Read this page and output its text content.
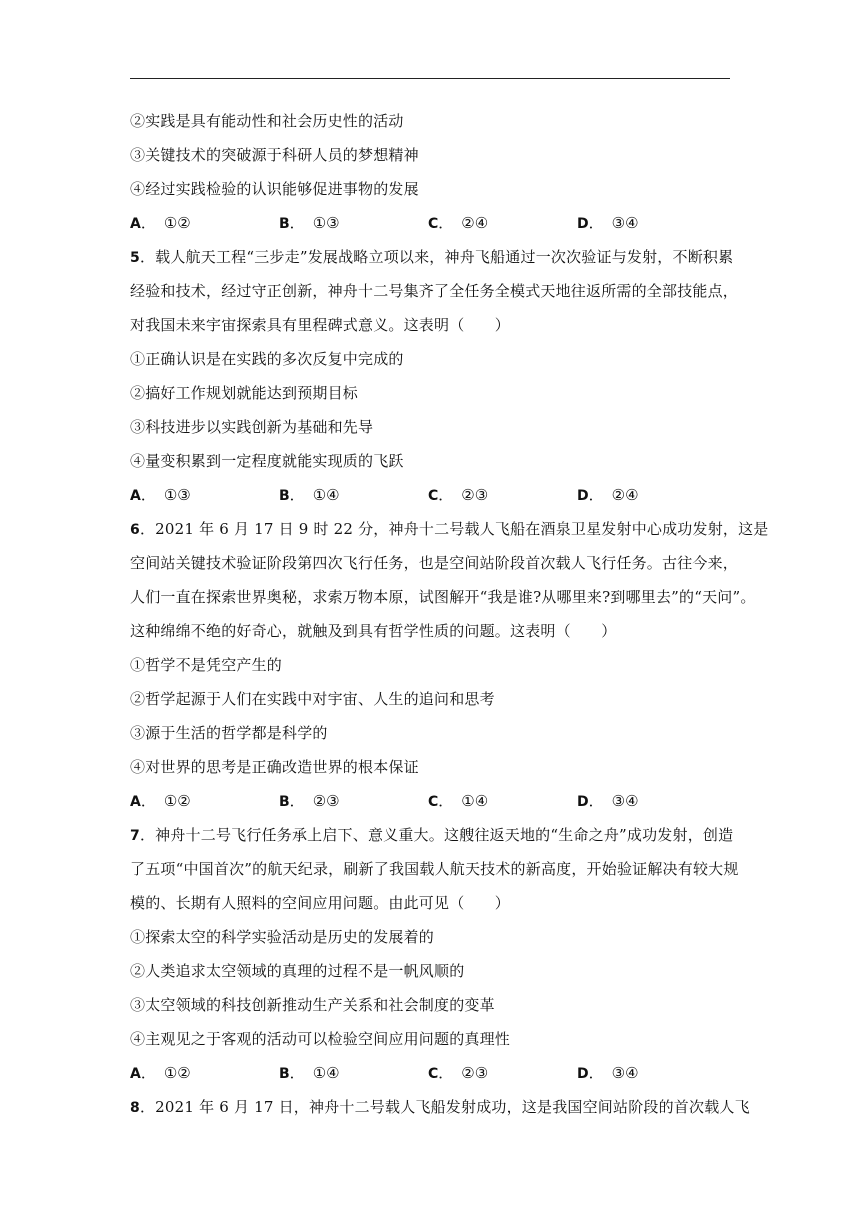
②实践是具有能动性和社会历史性的活动
③关键技术的突破源于科研人员的梦想精神
④经过实践检验的认识能够促进事物的发展
A． ①②	B． ①③	C． ②④	D． ③④
5．载人航天工程“三步走”发展战略立项以来，神舟飞船通过一次次验证与发射，不断积累
经验和技术，经过守正创新，神舟十二号集齐了全任务全模式天地往返所需的全部技能点，
对我国未来宇宙探索具有里程碑式意义。这表明（　　）
①正确认识是在实践的多次反复中完成的
②搞好工作规划就能达到预期目标
③科技进步以实践创新为基础和先导
④量变积累到一定程度就能实现质的飞跃
A． ①③	B． ①④	C． ②③	D． ②④
6．2021 年 6 月 17 日 9 时 22 分，神舟十二号载人飞船在酒泉卫星发射中心成功发射，这是
空间站关键技术验证阶段第四次飞行任务，也是空间站阶段首次载人飞行任务。古往今来，
人们一直在探索世界奥秘，求索万物本原，试图解开“我是谁?从哪里来?到哪里去”的“天问”。
这种绵绵不绝的好奇心，就触及到具有哲学性质的问题。这表明（　　）
①哲学不是凭空产生的
②哲学起源于人们在实践中对宇宙、人生的追问和思考
③源于生活的哲学都是科学的
④对世界的思考是正确改造世界的根本保证
A． ①②	B． ②③	C． ①④	D． ③④
7．神舟十二号飞行任务承上启下、意义重大。这艘往返天地的“生命之舟”成功发射，创造
了五项“中国首次”的航天纪录，刷新了我国载人航天技术的新高度，开始验证解决有较大规
模的、长期有人照料的空间应用问题。由此可见（　　）
①探索太空的科学实验活动是历史的发展着的
②人类追求太空领域的真理的过程不是一帆风顺的
③太空领域的科技创新推动生产关系和社会制度的变革
④主观见之于客观的活动可以检验空间应用问题的真理性
A． ①②	B． ①④	C． ②③	D． ③④
8．2021 年 6 月 17 日，神舟十二号载人飞船发射成功，这是我国空间站阶段的首次载人飞
